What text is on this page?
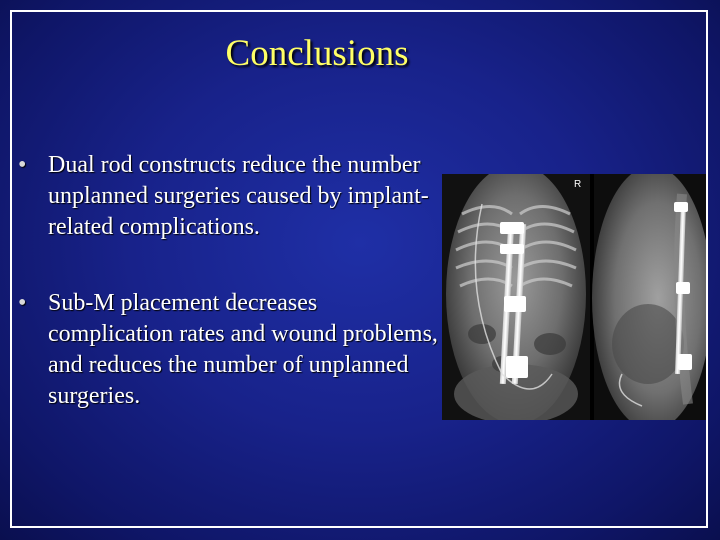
Conclusions
• Dual rod constructs reduce the number unplanned surgeries caused by implant-related complications.
• Sub-M placement decreases complication rates and wound problems, and reduces the number of unplanned surgeries.
R
